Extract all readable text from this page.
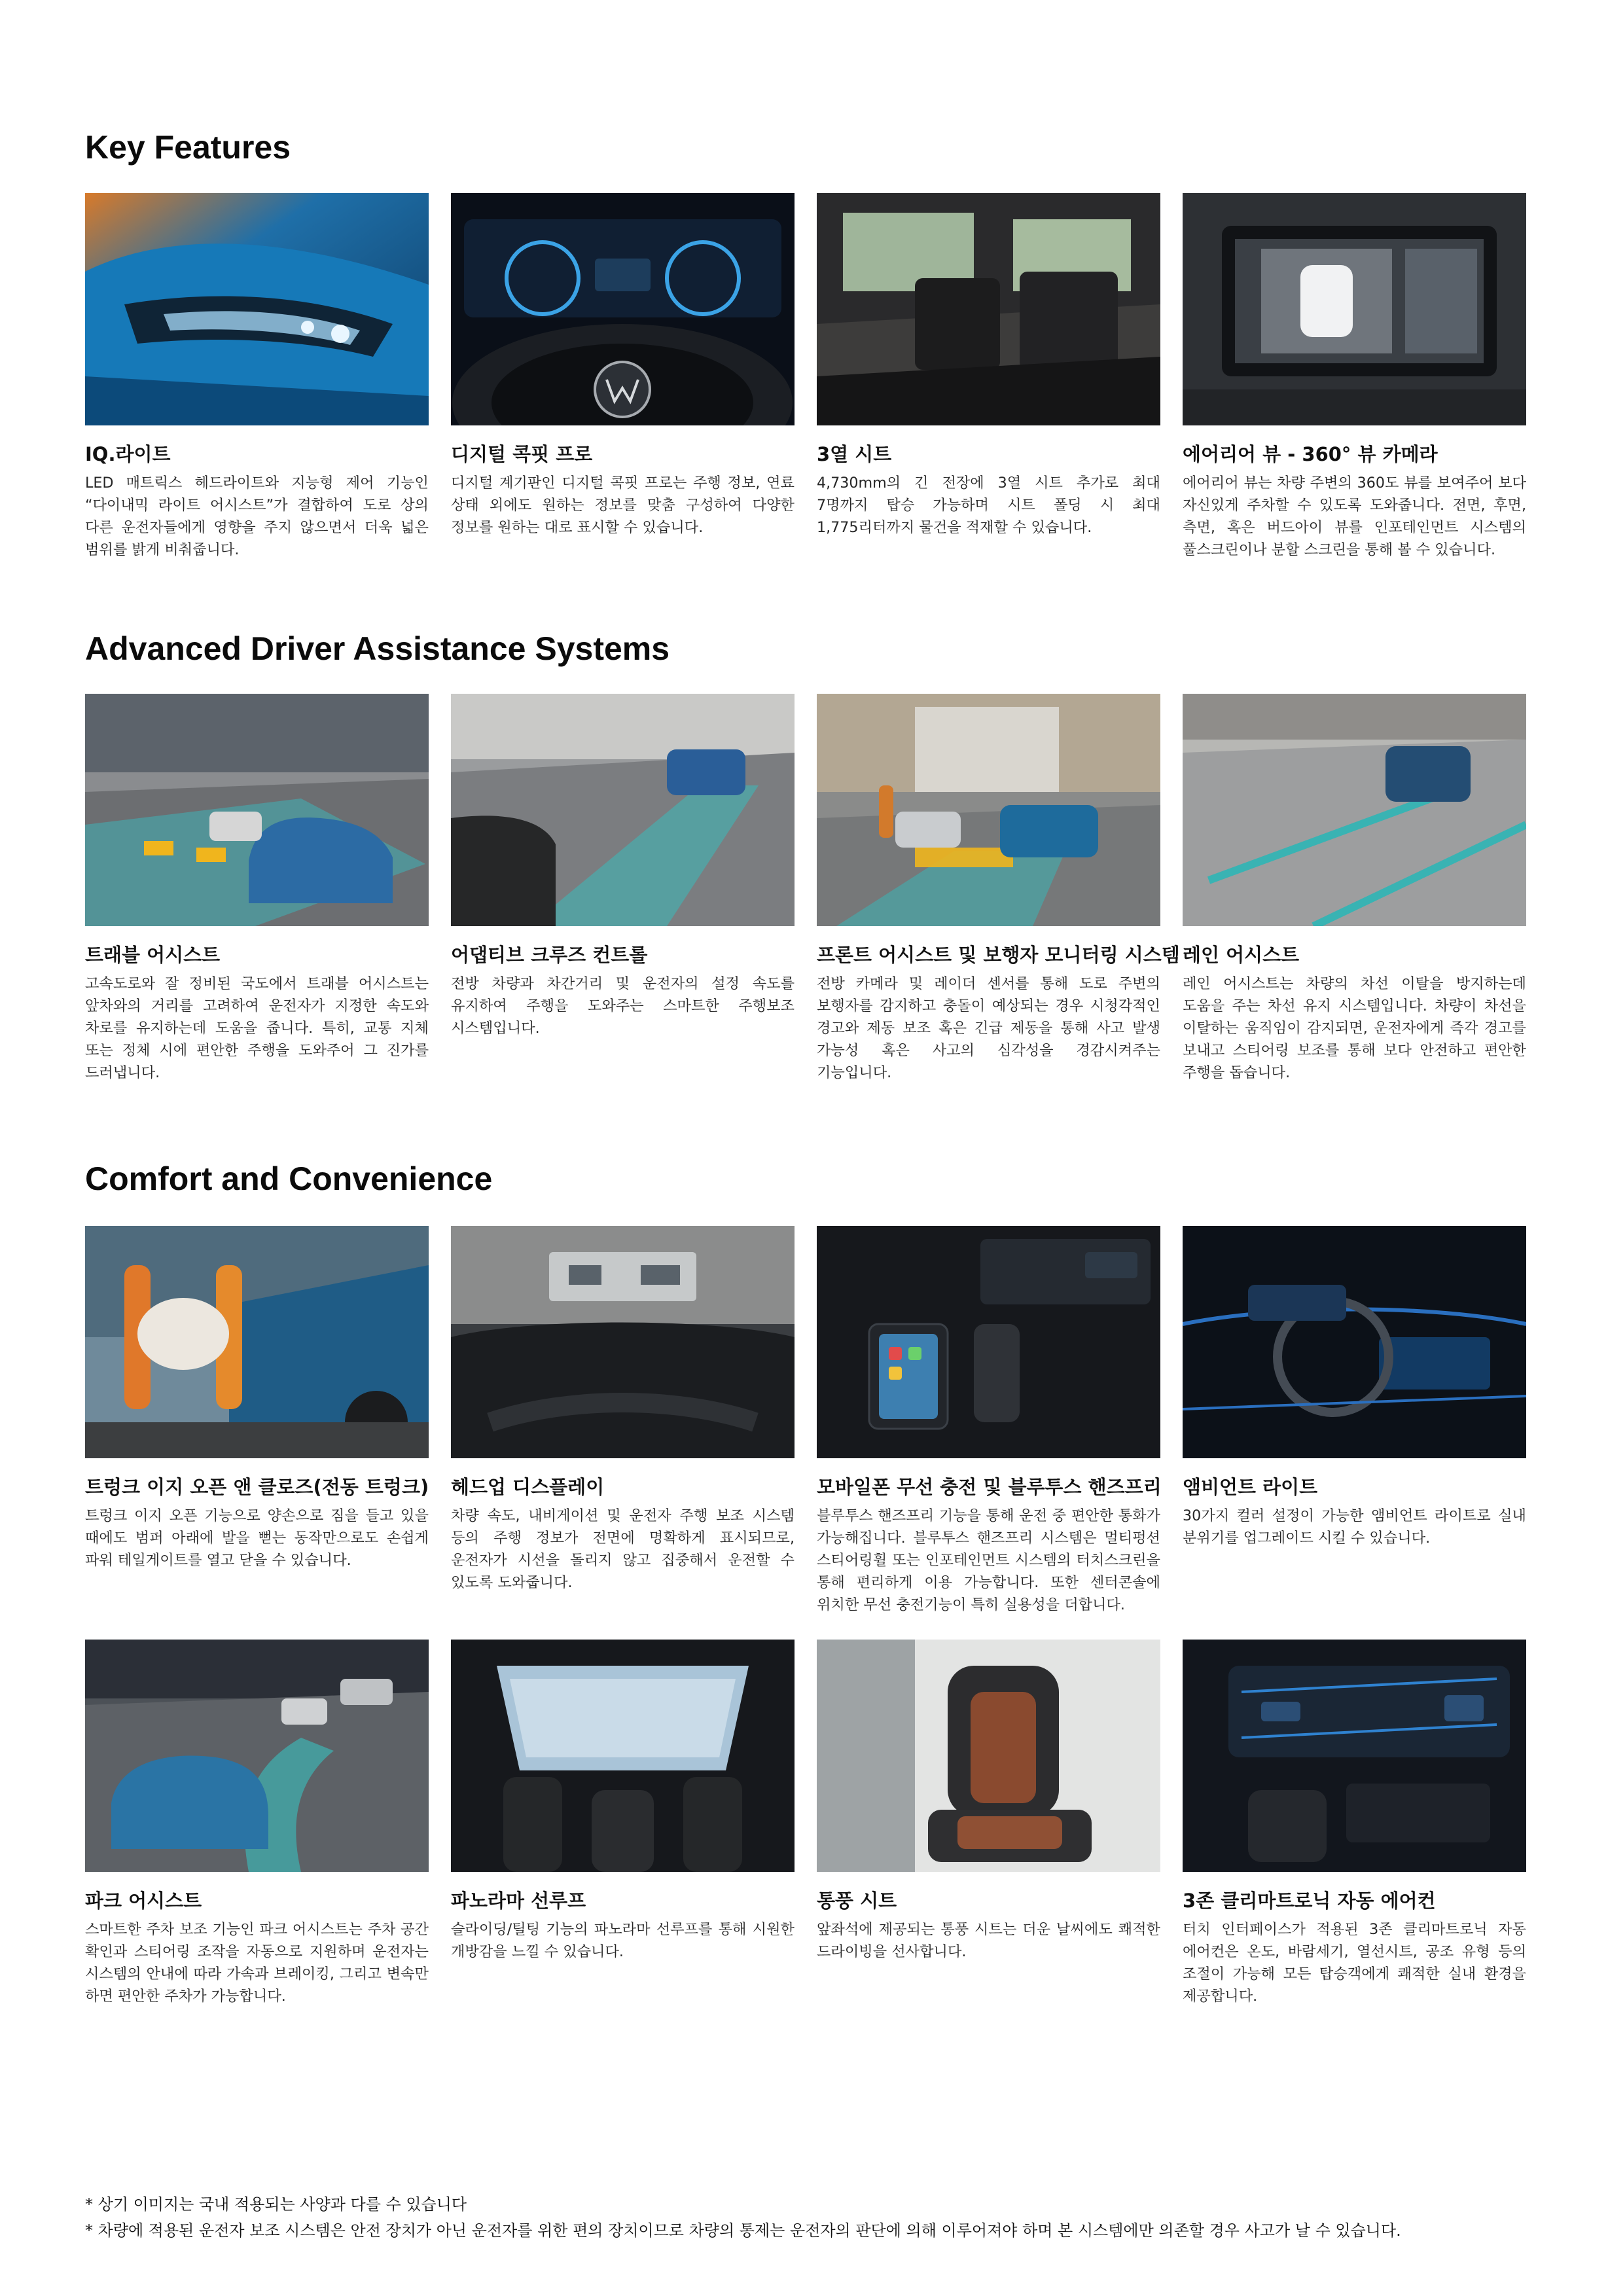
Key Features
IQ.라이트

LED 매트릭스 헤드라이트와 지능형 제어 기능인 “다이내믹 라이트 어시스트”가 결합하여 도로 상의 다른 운전자들에게 영향을 주지 않으면서 더욱 넓은 범위를 밝게 비춰줍니다.

디지털 콕핏 프로

디지털 계기판인 디지털 콕핏 프로는 주행 정보, 연료 상태 외에도 원하는 정보를 맞춤 구성하여 다양한 정보를 원하는 대로 표시할 수 있습니다.

3열 시트

4,730mm의 긴 전장에 3열 시트 추가로 최대 7명까지 탑승 가능하며 시트 폴딩 시 최대 1,775리터까지 물건을 적재할 수 있습니다.

에어리어 뷰 - 360° 뷰 카메라

에어리어 뷰는 차량 주변의 360도 뷰를 보여주어 보다 자신있게 주차할 수 있도록 도와줍니다. 전면, 후면, 측면, 혹은 버드아이 뷰를 인포테인먼트 시스템의 풀스크린이나 분할 스크린을 통해 볼 수 있습니다.

Advanced Driver Assistance Systems
트래블 어시스트

고속도로와 잘 정비된 국도에서 트래블 어시스트는 앞차와의 거리를 고려하여 운전자가 지정한 속도와 차로를 유지하는데 도움을 줍니다. 특히, 교통 지체 또는 정체 시에 편안한 주행을 도와주어 그 진가를 드러냅니다.

어댑티브 크루즈 컨트롤

전방 차량과 차간거리 및 운전자의 설정 속도를 유지하여 주행을 도와주는 스마트한 주행보조 시스템입니다.

프론트 어시스트 및 보행자 모니터링 시스템

전방 카메라 및 레이더 센서를 통해 도로 주변의 보행자를 감지하고 충돌이 예상되는 경우 시청각적인 경고와 제동 보조 혹은 긴급 제동을 통해 사고 발생 가능성 혹은 사고의 심각성을 경감시켜주는 기능입니다.

레인 어시스트

레인 어시스트는 차량의 차선 이탈을 방지하는데 도움을 주는 차선 유지 시스템입니다. 차량이 차선을 이탈하는 움직임이 감지되면, 운전자에게 즉각 경고를 보내고 스티어링 보조를 통해 보다 안전하고 편안한 주행을 돕습니다.

Comfort and Convenience
트렁크 이지 오픈 앤 클로즈(전동 트렁크)

트렁크 이지 오픈 기능으로 양손으로 짐을 들고 있을 때에도 범퍼 아래에 발을 뻗는 동작만으로도 손쉽게 파워 테일게이트를 열고 닫을 수 있습니다.

헤드업 디스플레이

차량 속도, 내비게이션 및 운전자 주행 보조 시스템 등의 주행 정보가 전면에 명확하게 표시되므로, 운전자가 시선을 돌리지 않고 집중해서 운전할 수 있도록 도와줍니다.

모바일폰 무선 충전 및 블루투스 핸즈프리

블루투스 핸즈프리 기능을 통해 운전 중 편안한 통화가 가능해집니다. 블루투스 핸즈프리 시스템은 멀티펑션 스티어링휠 또는 인포테인먼트 시스템의 터치스크린을 통해 편리하게 이용 가능합니다. 또한 센터콘솔에 위치한 무선 충전기능이 특히 실용성을 더합니다.

앰비언트 라이트

30가지 컬러 설정이 가능한 앰비언트 라이트로 실내 분위기를 업그레이드 시킬 수 있습니다.

파크 어시스트

스마트한 주차 보조 기능인 파크 어시스트는 주차 공간 확인과 스티어링 조작을 자동으로 지원하며 운전자는 시스템의 안내에 따라 가속과 브레이킹, 그리고 변속만 하면 편안한 주차가 가능합니다.

파노라마 선루프

슬라이딩/틸팅 기능의 파노라마 선루프를 통해 시원한 개방감을 느낄 수 있습니다.

통풍 시트

앞좌석에 제공되는 통풍 시트는 더운 날씨에도 쾌적한 드라이빙을 선사합니다.

3존 클리마트로닉 자동 에어컨

터치 인터페이스가 적용된 3존 클리마트로닉 자동 에어컨은 온도, 바람세기, 열선시트, 공조 유형 등의 조절이 가능해 모든 탑승객에게 쾌적한 실내 환경을 제공합니다.

* 상기 이미지는 국내 적용되는 사양과 다를 수 있습니다
* 차량에 적용된 운전자 보조 시스템은 안전 장치가 아닌 운전자를 위한 편의 장치이므로 차량의 통제는 운전자의 판단에 의해 이루어져야 하며 본 시스템에만 의존할 경우 사고가 날 수 있습니다.
